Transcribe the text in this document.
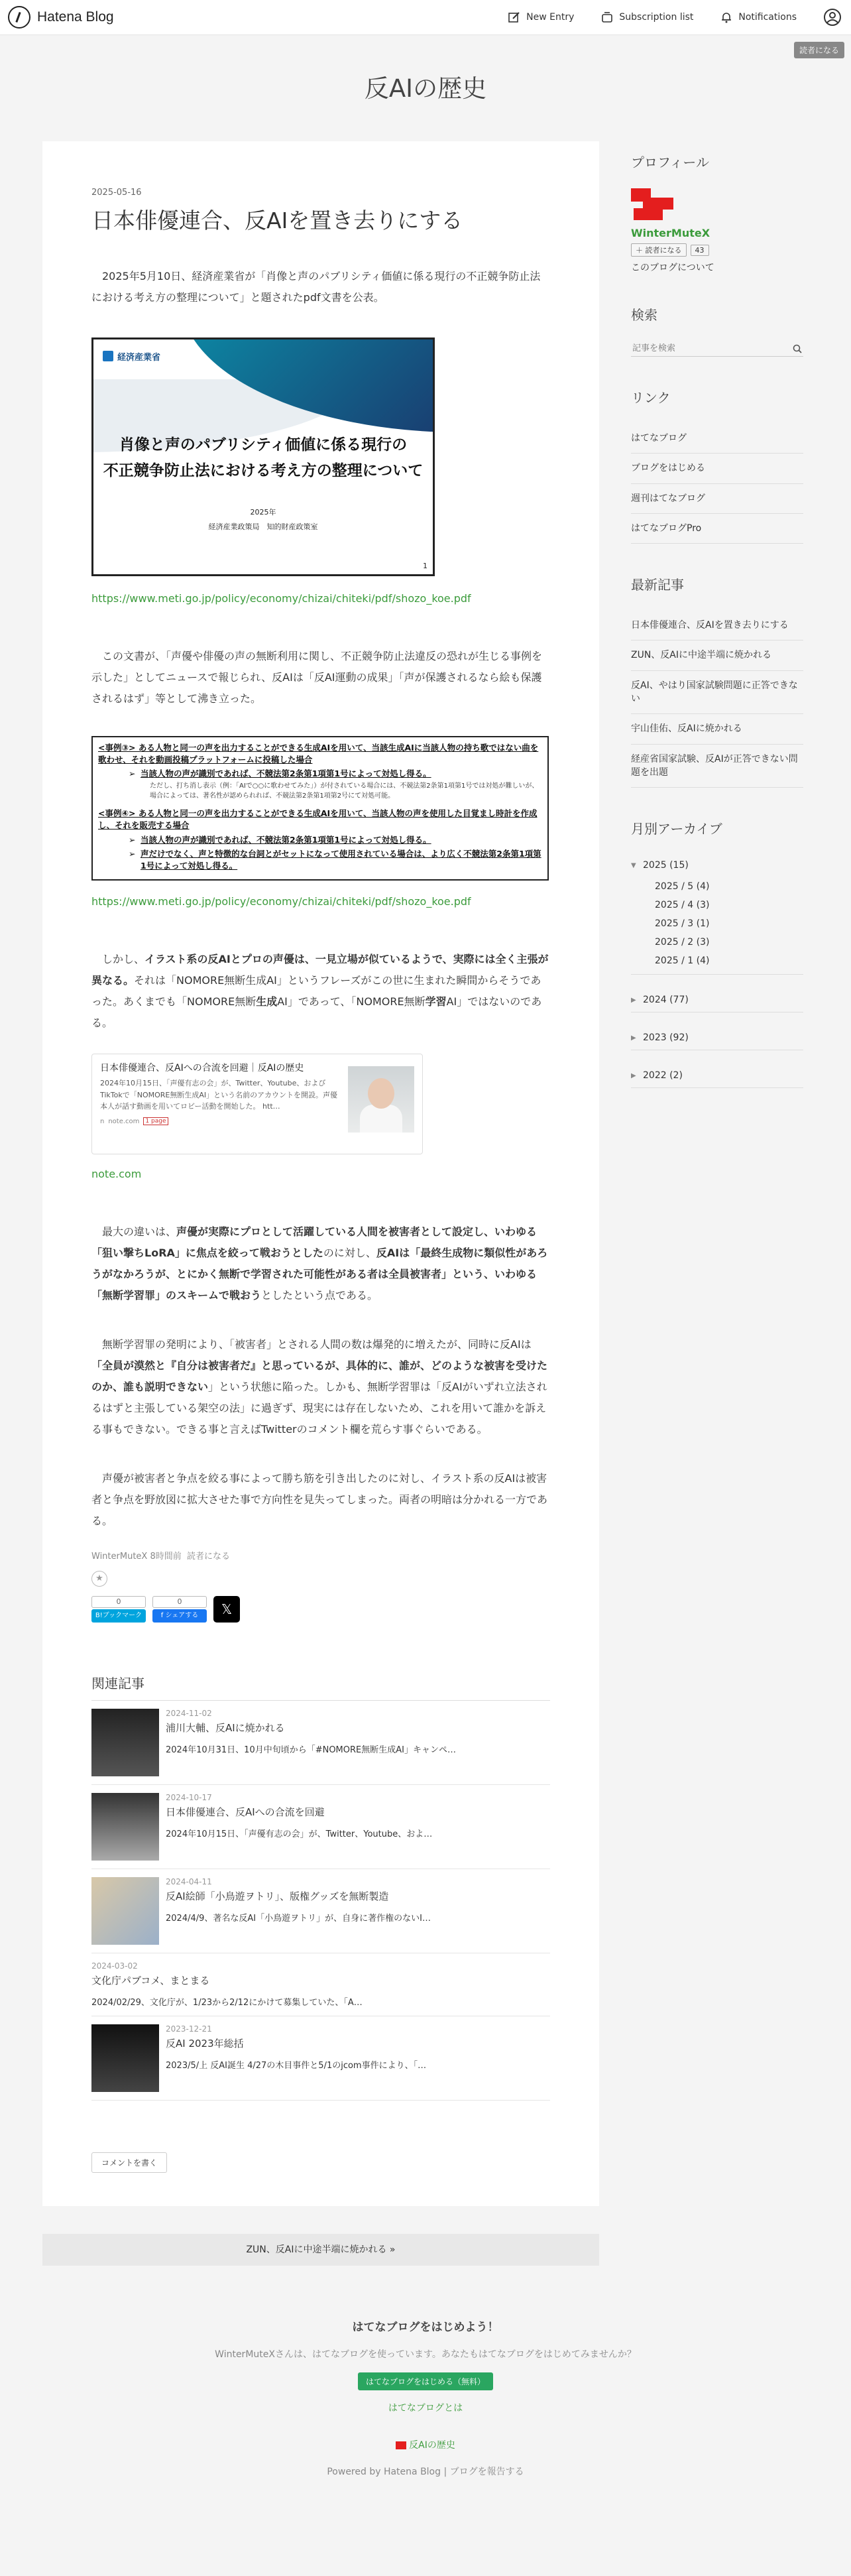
Hatena Blog	New Entry	Subscription list	Notifications
読者になる
反AIの歴史
2025-05-16
日本俳優連合、反AIを置き去りにする

2025年5月10日、経済産業省が「肖像と声のパブリシティ価値に係る現行の不正競争防止法における考え方の整理について」と題されたpdf文書を公表。

経済産業省
肖像と声のパブリシティ価値に係る現行の
不正競争防止法における考え方の整理について
2025年
経済産業政策局　知的財産政策室
1
https://www.meti.go.jp/policy/economy/chizai/chiteki/pdf/shozo_koe.pdf

この文書が、「声優や俳優の声の無断利用に関し、不正競争防止法違反の恐れが生じる事例を示した」としてニュースで報じられ、反AIは「反AI運動の成果」「声が保護されるなら絵も保護されるはず」等として沸き立った。

<事例③> ある人物と同一の声を出力することができる生成AIを用いて、当該生成AIに当該人物の持ち歌ではない曲を歌わせ、それを動画投稿プラットフォームに投稿した場合
➢ 当該人物の声が識別であれば、不競法第2条第1項第1号によって対処し得る。
ただし、打ち消し表示（例：「AIで○○に歌わせてみた」）が付されている場合には、不競法第2条第1項第1号では対処が難しいが、場合によっては、著名性が認められれば、不競法第2条第1項第2号にて対処可能。
<事例④> ある人物と同一の声を出力することができる生成AIを用いて、当該人物の声を使用した目覚まし時計を作成し、それを販売する場合
➢ 当該人物の声が識別であれば、不競法第2条第1項第1号によって対処し得る。
➢ 声だけでなく、声と特徴的な台詞とがセットになって使用されている場合は、より広く不競法第2条第1項第1号によって対処し得る。
https://www.meti.go.jp/policy/economy/chizai/chiteki/pdf/shozo_koe.pdf

しかし、イラスト系の反AIとプロの声優は、一見立場が似ているようで、実際には全く主張が異なる。それは「NOMORE無断生成AI」というフレーズがこの世に生まれた瞬間からそうであった。あくまでも「NOMORE無断生成AI」であって、「NOMORE無断学習AI」ではないのである。

日本俳優連合、反AIへの合流を回避｜反AIの歴史
2024年10月15日、「声優有志の会」が、Twitter、Youtube、およびTikTokで「NOMORE無断生成AI」という名前のアカウントを開設。声優本人が話す動画を用いてロビー活動を開始した。 htt…
n note.com	1 page
note.com

最大の違いは、声優が実際にプロとして活躍している人間を被害者として設定し、いわゆる「狙い撃ちLoRA」に焦点を絞って戦おうとしたのに対し、反AIは「最終生成物に類似性があろうがなかろうが、とにかく無断で学習された可能性がある者は全員被害者」という、いわゆる「無断学習罪」のスキームで戦おうとしたという点である。

無断学習罪の発明により、「被害者」とされる人間の数は爆発的に増えたが、同時に反AIは「全員が漠然と『自分は被害者だ』と思っているが、具体的に、誰が、どのような被害を受けたのか、誰も説明できない」という状態に陥った。しかも、無断学習罪は「反AIがいずれ立法されるはずと主張している架空の法」に過ぎず、現実には存在しないため、これを用いて誰かを訴える事もできない。できる事と言えばTwitterのコメント欄を荒らす事ぐらいである。

声優が被害者と争点を絞る事によって勝ち筋を引き出したのに対し、イラスト系の反AIは被害者と争点を野放図に拡大させた事で方向性を見失ってしまった。両者の明暗は分かれる一方である。

WinterMuteX 8時間前 読者になる
★
0
B!ブックマーク
0
f シェアする	𝕏
関連記事
2024-11-02
浦川大輔、反AIに焼かれる
2024年10月31日、10月中旬頃から「#NOMORE無断生成AI」キャンペ…
2024-10-17
日本俳優連合、反AIへの合流を回避
2024年10月15日、「声優有志の会」が、Twitter、Youtube、およ…
2024-04-11
反AI絵師「小鳥遊ヲトリ」、版権グッズを無断製造
2024/4/9、著名な反AI「小鳥遊ヲトリ」が、自身に著作権のないI…
2024-03-02
文化庁パブコメ、まとまる
2024/02/29、文化庁が、1/23から2/12にかけて募集していた、「A…
2023-12-21
反AI 2023年総括
2023/5/上 反AI誕生 4/27の木目事件と5/1のjcom事件により、「…
コメントを書く
プロフィール
WinterMuteX
＋ 読者になる	43
このブログについて
検索
記事を検索
リンク
はてなブログ
ブログをはじめる
週刊はてなブログ
はてなブログPro
最新記事
日本俳優連合、反AIを置き去りにする
ZUN、反AIに中途半端に焼かれる
反AI、やはり国家試験問題に正答できない
宇山佳佑、反AIに焼かれる
経産省国家試験、反AIが正答できない問題を出題
月別アーカイブ
▼ 2025 (15)
2025 / 5 (4)
2025 / 4 (3)
2025 / 3 (1)
2025 / 2 (3)
2025 / 1 (4)
▶ 2024 (77)
▶ 2023 (92)
▶ 2022 (2)
ZUN、反AIに中途半端に焼かれる »
はてなブログをはじめよう！
WinterMuteXさんは、はてなブログを使っています。あなたもはてなブログをはじめてみませんか？
はてなブログをはじめる（無料）
はてなブログとは
反AIの歴史
Powered by Hatena Blog | ブログを報告する
